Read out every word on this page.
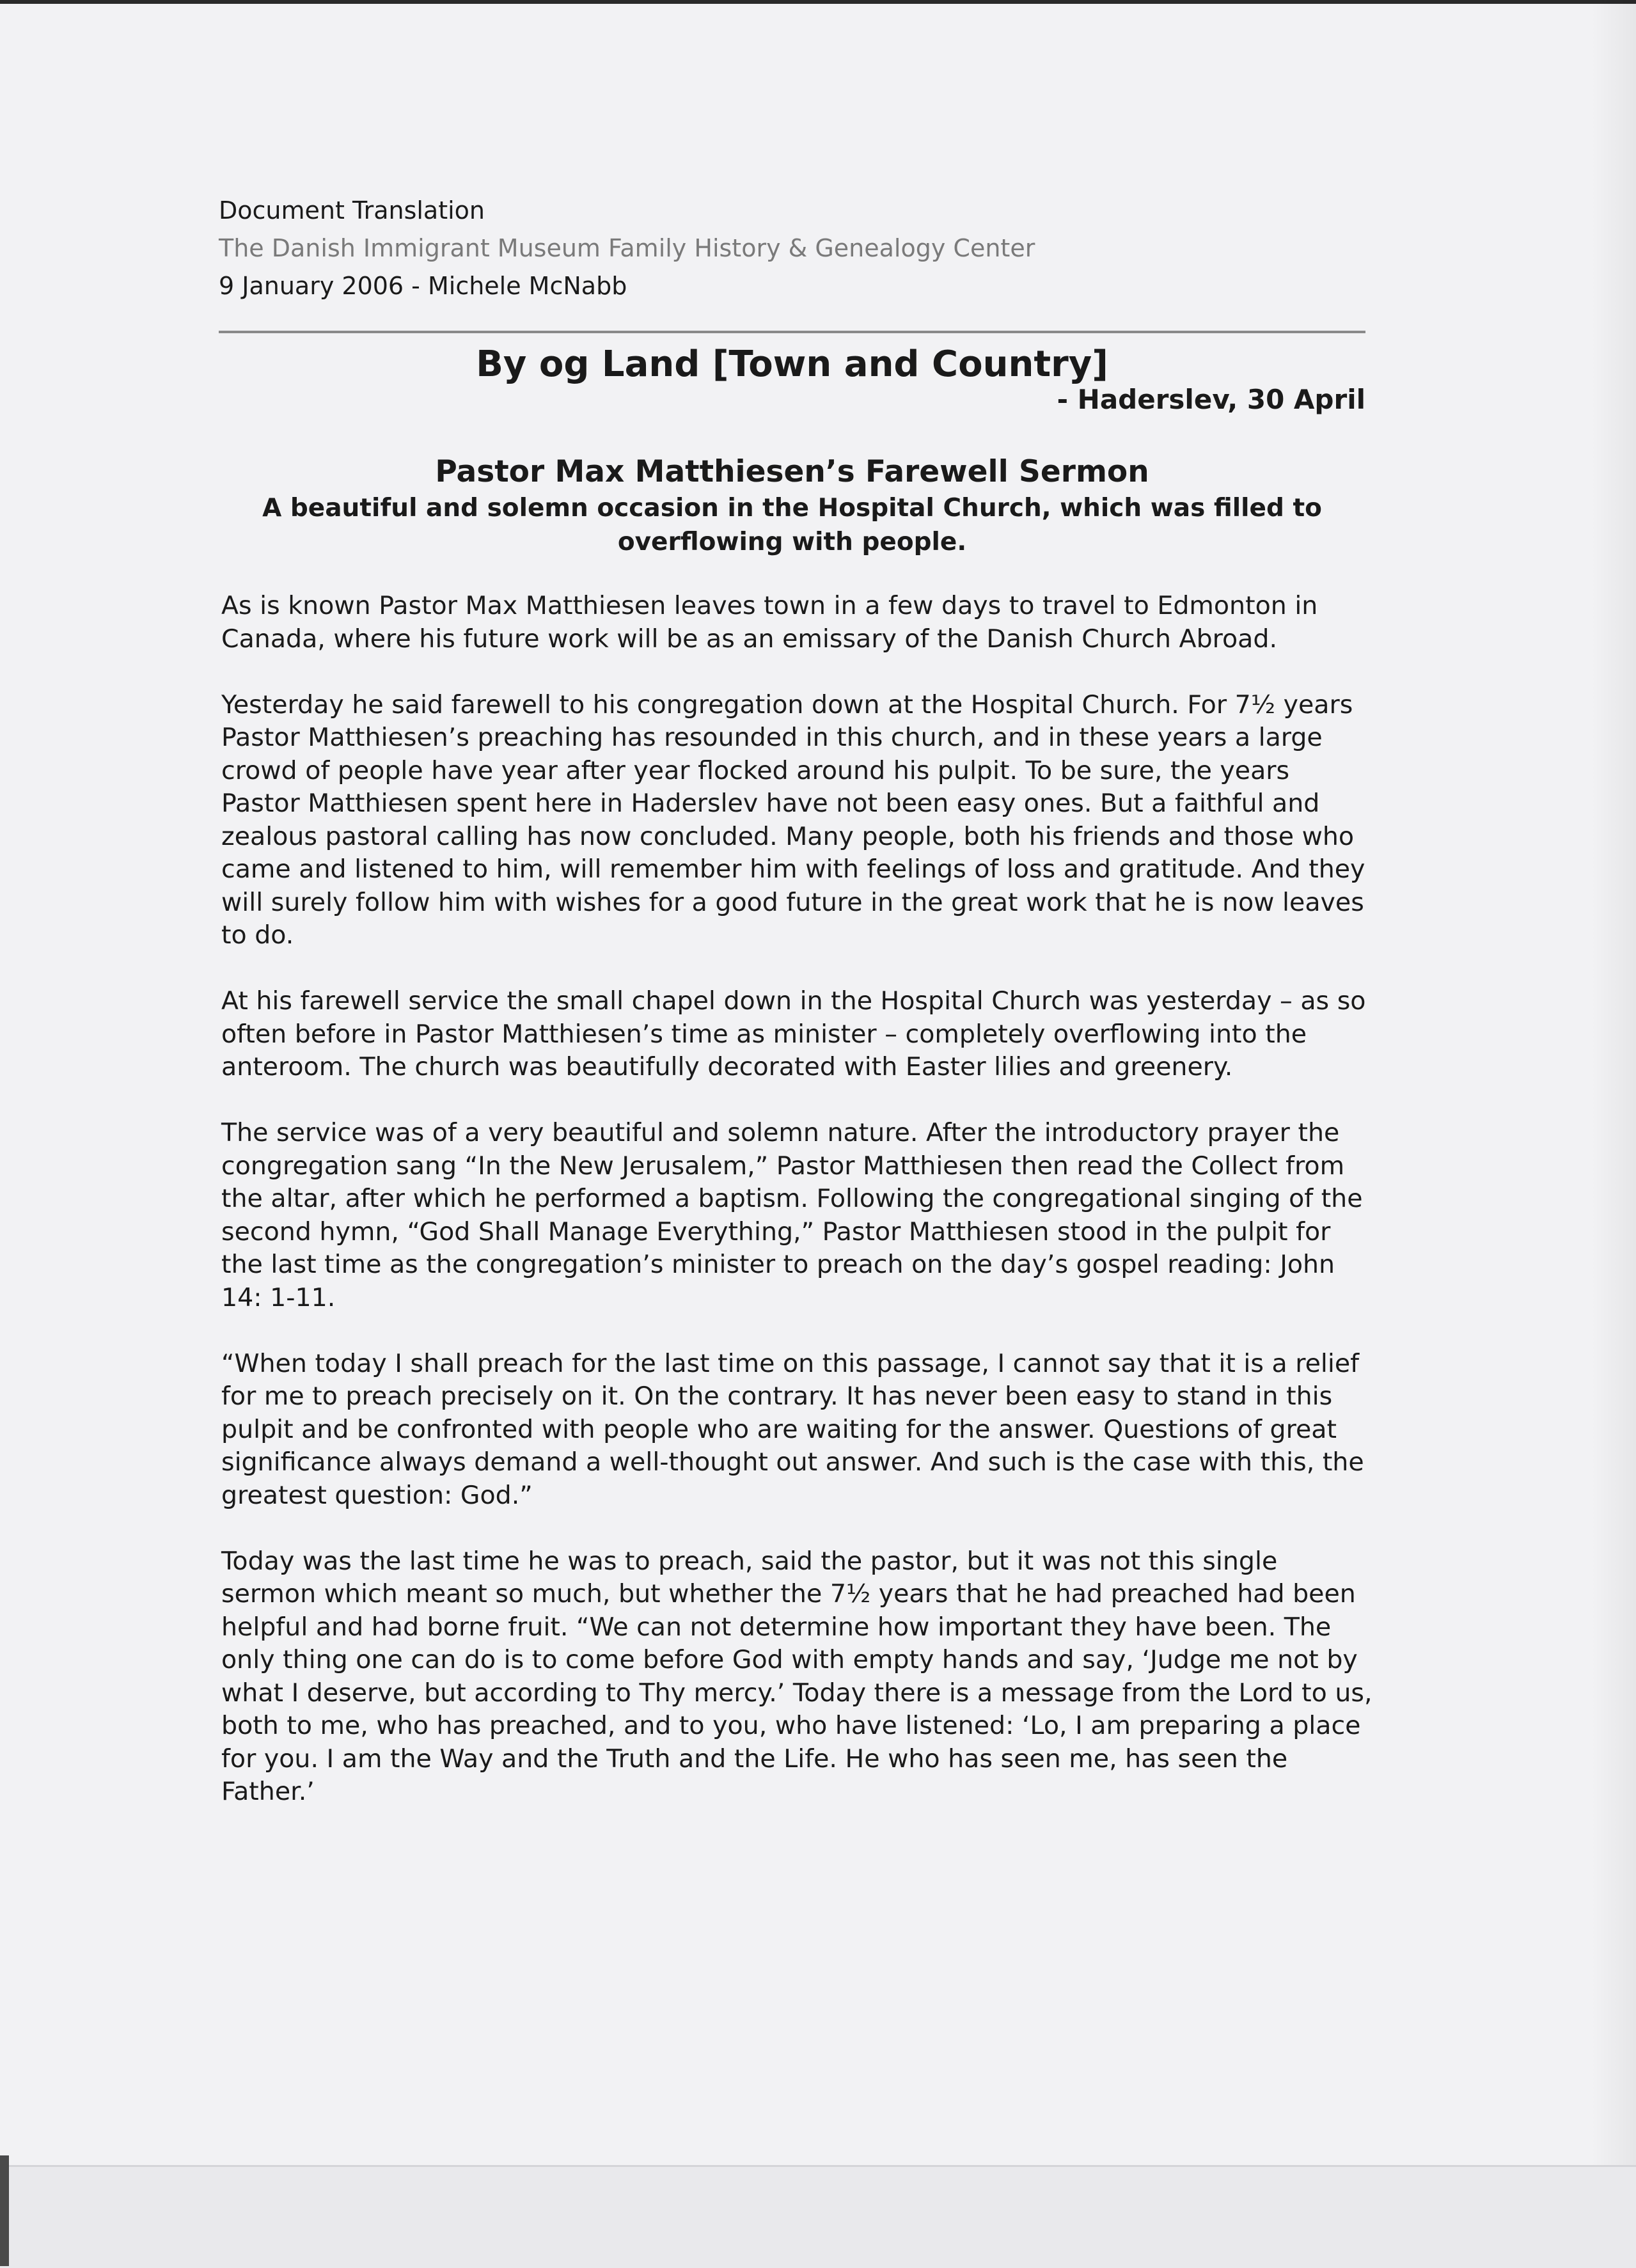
Document Translation
The Danish Immigrant Museum Family History & Genealogy Center
9 January 2006 - Michele McNabb
By og Land [Town and Country]
- Haderslev, 30 April
Pastor Max Matthiesen’s Farewell Sermon
A beautiful and solemn occasion in the Hospital Church, which was filled to overflowing with people.

As is known Pastor Max Matthiesen leaves town in a few days to travel to Edmonton in Canada, where his future work will be as an emissary of the Danish Church Abroad.

Yesterday he said farewell to his congregation down at the Hospital Church. For 7½ years Pastor Matthiesen’s preaching has resounded in this church, and in these years a large crowd of people have year after year flocked around his pulpit. To be sure, the years Pastor Matthiesen spent here in Haderslev have not been easy ones. But a faithful and zealous pastoral calling has now concluded. Many people, both his friends and those who came and listened to him, will remember him with feelings of loss and gratitude. And they will surely follow him with wishes for a good future in the great work that he is now leaves to do.

At his farewell service the small chapel down in the Hospital Church was yesterday – as so often before in Pastor Matthiesen’s time as minister – completely overflowing into the anteroom. The church was beautifully decorated with Easter lilies and greenery.

The service was of a very beautiful and solemn nature. After the introductory prayer the congregation sang “In the New Jerusalem,” Pastor Matthiesen then read the Collect from the altar, after which he performed a baptism. Following the congregational singing of the second hymn, “God Shall Manage Everything,” Pastor Matthiesen stood in the pulpit for the last time as the congregation’s minister to preach on the day’s gospel reading: John 14: 1-11.

“When today I shall preach for the last time on this passage, I cannot say that it is a relief for me to preach precisely on it. On the contrary. It has never been easy to stand in this pulpit and be confronted with people who are waiting for the answer. Questions of great significance always demand a well-thought out answer. And such is the case with this, the greatest question: God.”

Today was the last time he was to preach, said the pastor, but it was not this single sermon which meant so much, but whether the 7½ years that he had preached had been helpful and had borne fruit. “We can not determine how important they have been. The only thing one can do is to come before God with empty hands and say, ‘Judge me not by what I deserve, but according to Thy mercy.’ Today there is a message from the Lord to us, both to me, who has preached, and to you, who have listened: ‘Lo, I am preparing a place for you. I am the Way and the Truth and the Life. He who has seen me, has seen the Father.’
